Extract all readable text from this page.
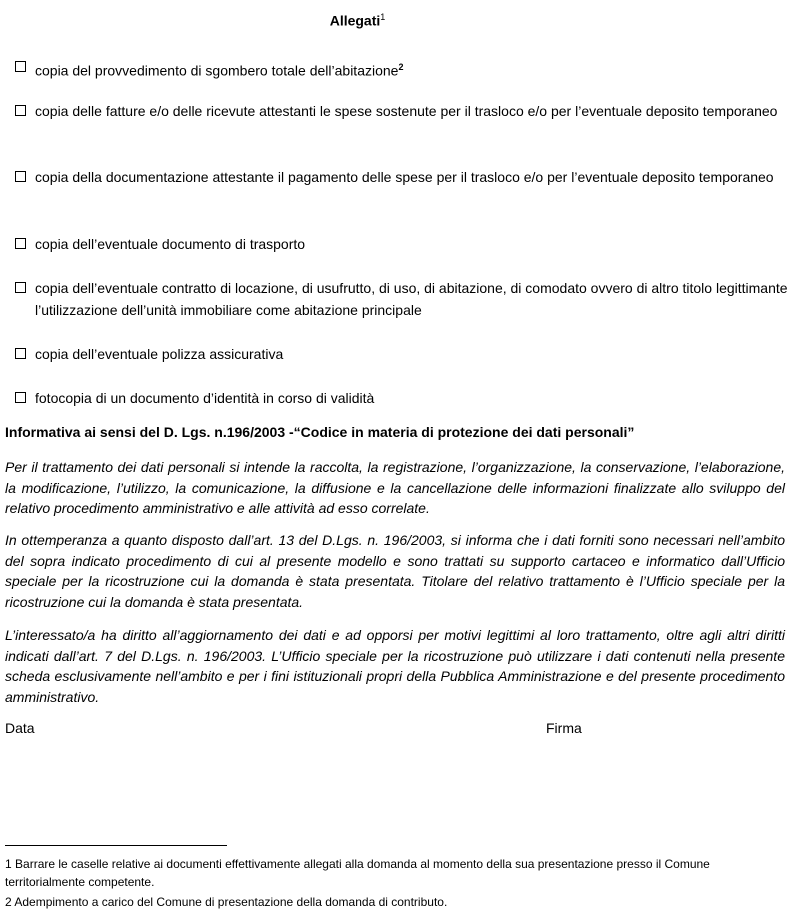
Allegati$^1$
copia del provvedimento di sgombero totale dell’abitazione$^2$
copia delle fatture e/o delle ricevute attestanti le spese sostenute per il trasloco e/o per l’eventuale deposito temporaneo
copia della documentazione attestante il pagamento delle spese per il trasloco e/o per l’eventuale deposito temporaneo
copia dell’eventuale documento di trasporto
copia dell’eventuale contratto di locazione, di usufrutto, di uso, di abitazione, di comodato ovvero di altro titolo legittimante l’utilizzazione dell’unità immobiliare come abitazione principale
copia dell’eventuale polizza assicurativa
fotocopia di un documento d’identità in corso di validità
Informativa ai sensi del D. Lgs. n.196/2003 -“Codice in materia di protezione dei dati personali”
Per il trattamento dei dati personali si intende la raccolta, la registrazione, l’organizzazione, la conservazione, l’elaborazione, la modificazione, l’utilizzo, la comunicazione, la diffusione e la cancellazione delle informazioni finalizzate allo sviluppo del relativo procedimento amministrativo e alle attività ad esso correlate.
In ottemperanza a quanto disposto dall’art. 13 del D.Lgs. n. 196/2003, si informa che i dati forniti sono necessari nell’ambito del sopra indicato procedimento di cui al presente modello e sono trattati su supporto cartaceo e informatico dall’Ufficio speciale per la ricostruzione cui la domanda è stata presentata. Titolare del relativo trattamento è l’Ufficio speciale per la ricostruzione cui la domanda è stata presentata.
L’interessato/a ha diritto all’aggiornamento dei dati e ad opporsi per motivi legittimi al loro trattamento, oltre agli altri diritti indicati dall’art. 7 del D.Lgs. n. 196/2003. L’Ufficio speciale per la ricostruzione può utilizzare i dati contenuti nella presente scheda esclusivamente nell’ambito e per i fini istituzionali propri della Pubblica Amministrazione e del presente procedimento amministrativo.
Data	Firma
1 Barrare le caselle relative ai documenti effettivamente allegati alla domanda al momento della sua presentazione presso il Comune territorialmente competente.
2 Adempimento a carico del Comune di presentazione della domanda di contributo.
